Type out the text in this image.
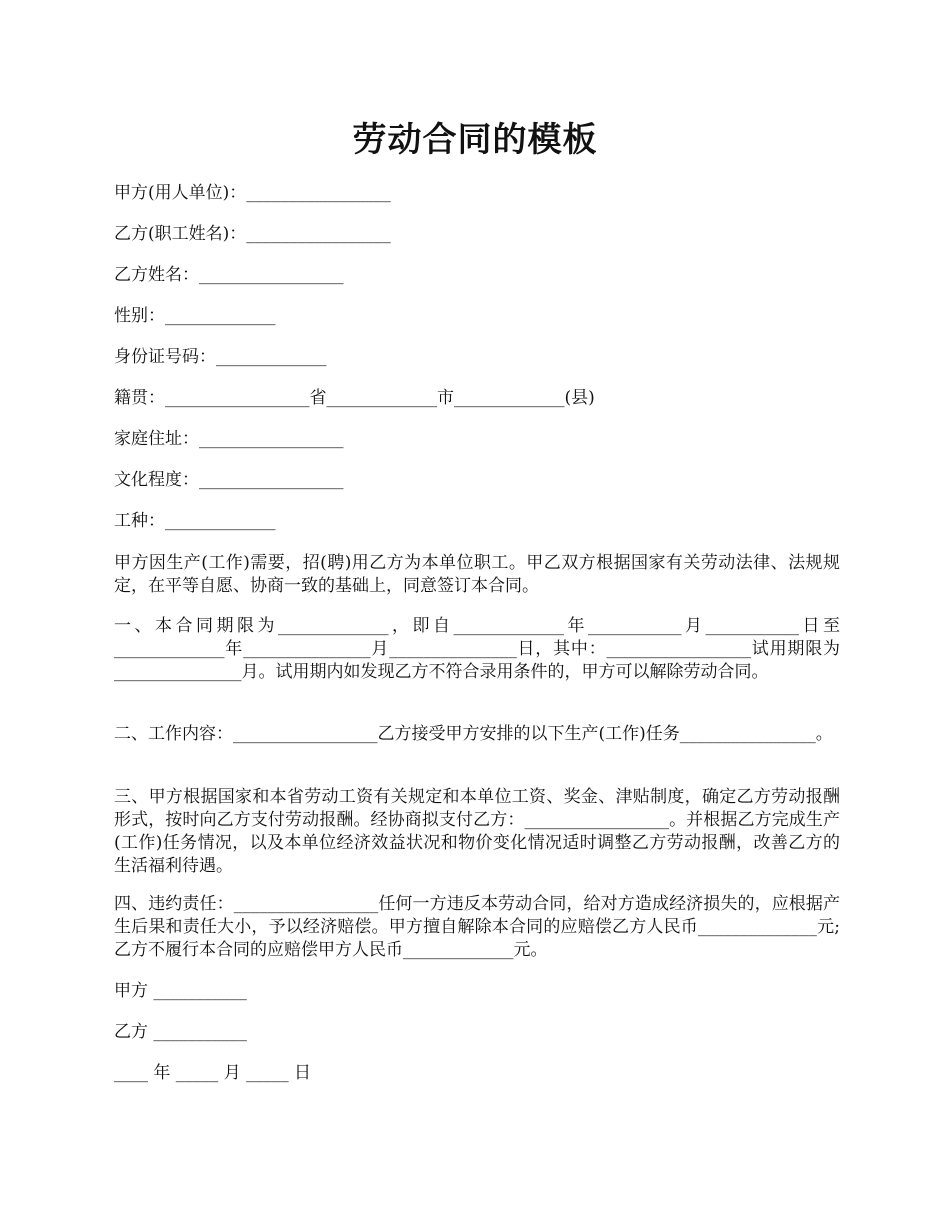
劳动合同的模板
甲方(用人单位)：_________________
乙方(职工姓名)：_________________
乙方姓名：_________________
性别：_____________
身份证号码：_____________
籍贯：_________________省_____________市_____________(县)
家庭住址：_________________
文化程度：_________________
工种：_____________
甲方因生产(工作)需要，招(聘)用乙方为本单位职工。甲乙双方根据国家有关劳动法律、法规规定，在平等自愿、协商一致的基础上，同意签订本合同。
一、本合同期限为_____________，即自_____________年___________月___________日至_____________年_______________月_______________日，其中：_________________试用期限为_______________月。试用期内如发现乙方不符合录用条件的，甲方可以解除劳动合同。
二、工作内容：_________________乙方接受甲方安排的以下生产(工作)任务________________。
三、甲方根据国家和本省劳动工资有关规定和本单位工资、奖金、津贴制度，确定乙方劳动报酬形式，按时向乙方支付劳动报酬。经协商拟支付乙方：_________________。并根据乙方完成生产(工作)任务情况，以及本单位经济效益状况和物价变化情况适时调整乙方劳动报酬，改善乙方的生活福利待遇。
四、违约责任：_________________任何一方违反本劳动合同，给对方造成经济损失的，应根据产生后果和责任大小，予以经济赔偿。甲方擅自解除本合同的应赔偿乙方人民币______________元;乙方不履行本合同的应赔偿甲方人民币_____________元。
甲方 ___________
乙方 ___________
____ 年 _____ 月 _____ 日
